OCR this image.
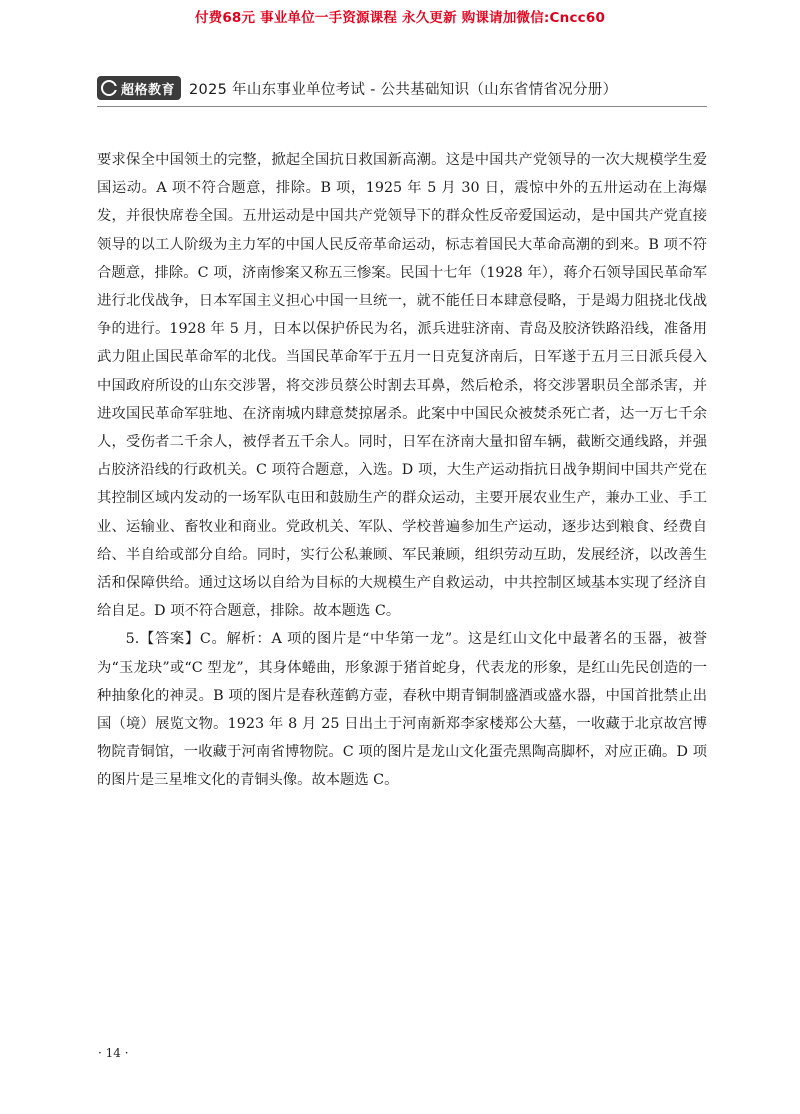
付费68元 事业单位一手资源课程 永久更新 购课请加微信:Cncc60
超格教育 2025 年山东事业单位考试 - 公共基础知识（山东省情省况分册）

要求保全中国领土的完整，掀起全国抗日救国新高潮。这是中国共产党领导的一次大规模学生爱国运动。A 项不符合题意，排除。B 项，1925 年 5 月 30 日，震惊中外的五卅运动在上海爆发，并很快席卷全国。五卅运动是中国共产党领导下的群众性反帝爱国运动，是中国共产党直接领导的以工人阶级为主力军的中国人民反帝革命运动，标志着国民大革命高潮的到来。B 项不符合题意，排除。C 项，济南惨案又称五三惨案。民国十七年（1928 年），蒋介石领导国民革命军进行北伐战争，日本军国主义担心中国一旦统一，就不能任日本肆意侵略，于是竭力阻挠北伐战争的进行。1928 年 5 月，日本以保护侨民为名，派兵进驻济南、青岛及胶济铁路沿线，准备用武力阻止国民革命军的北伐。当国民革命军于五月一日克复济南后，日军遂于五月三日派兵侵入中国政府所设的山东交涉署，将交涉员蔡公时割去耳鼻，然后枪杀，将交涉署职员全部杀害，并进攻国民革命军驻地、在济南城内肆意焚掠屠杀。此案中中国民众被焚杀死亡者，达一万七千余人，受伤者二千余人，被俘者五千余人。同时，日军在济南大量扣留车辆，截断交通线路，并强占胶济沿线的行政机关。C 项符合题意，入选。D 项，大生产运动指抗日战争期间中国共产党在其控制区域内发动的一场军队屯田和鼓励生产的群众运动，主要开展农业生产，兼办工业、手工业、运输业、畜牧业和商业。党政机关、军队、学校普遍参加生产运动，逐步达到粮食、经费自给、半自给或部分自给。同时，实行公私兼顾、军民兼顾，组织劳动互助，发展经济，以改善生活和保障供给。通过这场以自给为目标的大规模生产自救运动，中共控制区域基本实现了经济自给自足。D 项不符合题意，排除。故本题选 C。

5.【答案】C。解析：A 项的图片是“中华第一龙”。这是红山文化中最著名的玉器，被誉为“玉龙玦”或“C 型龙”，其身体蜷曲，形象源于猪首蛇身，代表龙的形象，是红山先民创造的一种抽象化的神灵。B 项的图片是春秋莲鹤方壶，春秋中期青铜制盛酒或盛水器，中国首批禁止出国（境）展览文物。1923 年 8 月 25 日出土于河南新郑李家楼郑公大墓，一收藏于北京故宫博物院青铜馆，一收藏于河南省博物院。C 项的图片是龙山文化蛋壳黑陶高脚杯，对应正确。D 项的图片是三星堆文化的青铜头像。故本题选 C。

· 14 ·
